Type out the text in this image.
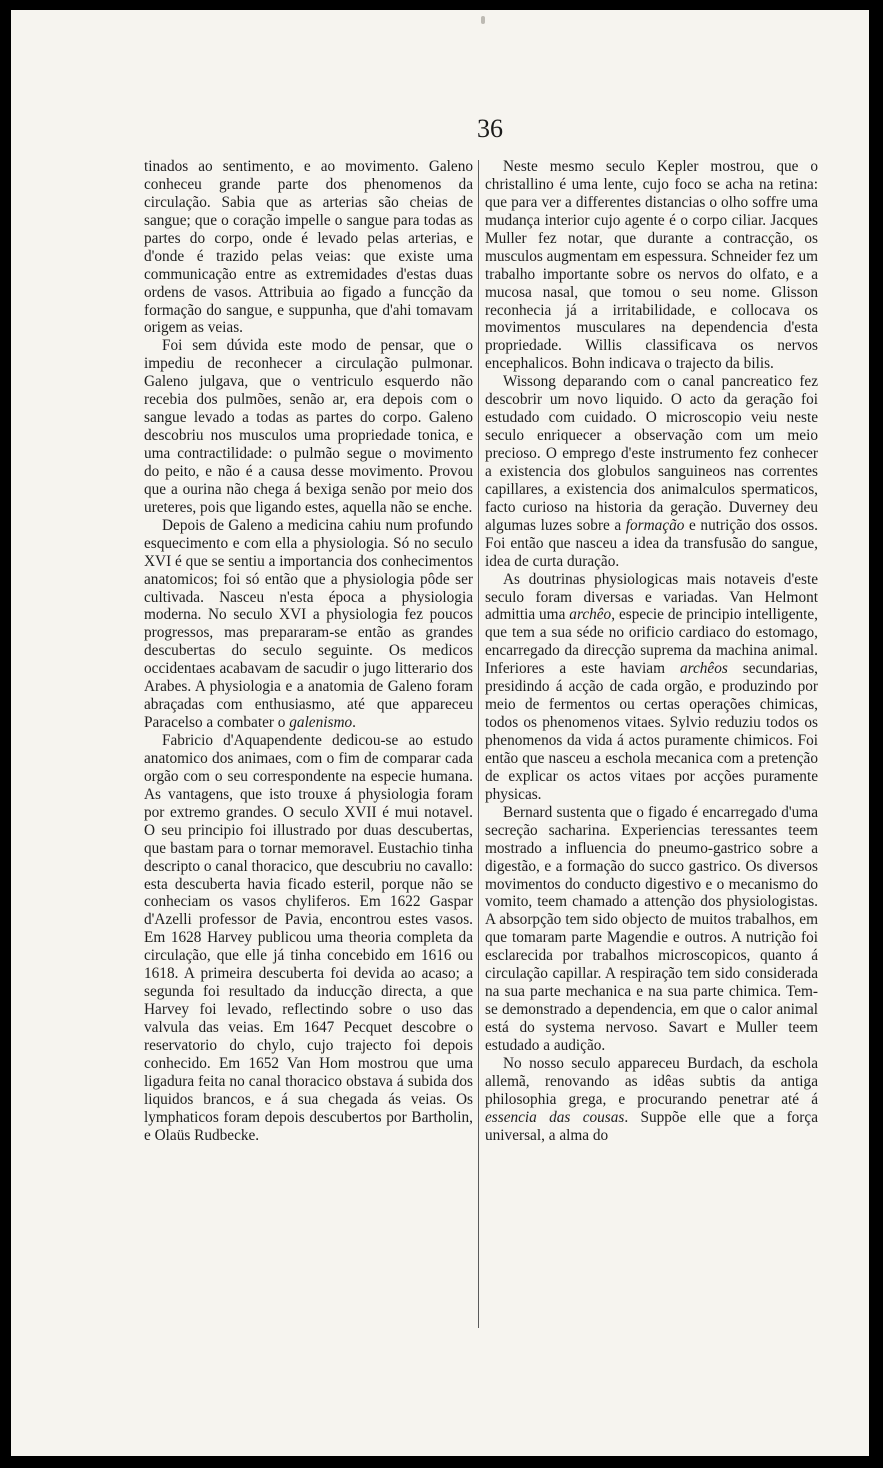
36

tinados ao sentimento, e ao movimento. Galeno conheceu grande parte dos phenomenos da circulação. Sabia que as arterias são cheias de sangue; que o coração impelle o sangue para todas as partes do corpo, onde é levado pelas arterias, e d'onde é trazido pelas veias: que existe uma communicação entre as extremidades d'estas duas ordens de vasos. Attribuia ao figado a funcção da formação do sangue, e suppunha, que d'ahi tomavam origem as veias.

Foi sem dúvida este modo de pensar, que o impediu de reconhecer a circulação pulmonar. Galeno julgava, que o ventriculo esquerdo não recebia dos pulmões, senão ar, era depois com o sangue levado a todas as partes do corpo. Galeno descobriu nos musculos uma propriedade tonica, e uma contractilidade: o pulmão segue o movimento do peito, e não é a causa desse movimento. Provou que a ourina não chega á bexiga senão por meio dos ureteres, pois que ligando estes, aquella não se enche.

Depois de Galeno a medicina cahiu num profundo esquecimento e com ella a physiologia. Só no seculo XVI é que se sentiu a importancia dos conhecimentos anatomicos; foi só então que a physiologia pôde ser cultivada. Nasceu n'esta época a physiologia moderna. No seculo XVI a physiologia fez poucos progressos, mas prepararam-se então as grandes descubertas do seculo seguinte. Os medicos occidentaes acabavam de sacudir o jugo litterario dos Arabes. A physiologia e a anatomia de Galeno foram abraçadas com enthusiasmo, até que appareceu Paracelso a combater o galenismo.

Fabricio d'Aquapendente dedicou-se ao estudo anatomico dos animaes, com o fim de comparar cada orgão com o seu correspondente na especie humana. As vantagens, que isto trouxe á physiologia foram por extremo grandes. O seculo XVII é mui notavel. O seu principio foi illustrado por duas descubertas, que bastam para o tornar memoravel. Eustachio tinha descripto o canal thoracico, que descubriu no cavallo: esta descuberta havia ficado esteril, porque não se conheciam os vasos chyliferos. Em 1622 Gaspar d'Azelli professor de Pavia, encontrou estes vasos. Em 1628 Harvey publicou uma theoria completa da circulação, que elle já tinha concebido em 1616 ou 1618. A primeira descuberta foi devida ao acaso; a segunda foi resultado da inducção directa, a que Harvey foi levado, reflectindo sobre o uso das valvula das veias. Em 1647 Pecquet descobre o reservatorio do chylo, cujo trajecto foi depois conhecido. Em 1652 Van Hom mostrou que uma ligadura feita no canal thoracico obstava á subida dos liquidos brancos, e á sua chegada ás veias. Os lymphaticos foram depois descubertos por Bartholin, e Olaüs Rudbecke.

Neste mesmo seculo Kepler mostrou, que o christallino é uma lente, cujo foco se acha na retina: que para ver a differentes distancias o olho soffre uma mudança interior cujo agente é o corpo ciliar. Jacques Muller fez notar, que durante a contracção, os musculos augmentam em espessura. Schneider fez um trabalho importante sobre os nervos do olfato, e a mucosa nasal, que tomou o seu nome. Glisson reconhecia já a irritabilidade, e collocava os movimentos musculares na dependencia d'esta propriedade. Willis classificava os nervos encephalicos. Bohn indicava o trajecto da bilis.

Wissong deparando com o canal pancreatico fez descobrir um novo liquido. O acto da geração foi estudado com cuidado. O microscopio veiu neste seculo enriquecer a observação com um meio precioso. O emprego d'este instrumento fez conhecer a existencia dos globulos sanguineos nas correntes capillares, a existencia dos animalculos spermaticos, facto curioso na historia da geração. Duverney deu algumas luzes sobre a formação e nutrição dos ossos. Foi então que nasceu a idea da transfusão do sangue, idea de curta duração.

As doutrinas physiologicas mais notaveis d'este seculo foram diversas e variadas. Van Helmont admittia uma archêo, especie de principio intelligente, que tem a sua séde no orificio cardiaco do estomago, encarregado da direcção suprema da machina animal. Inferiores a este haviam archêos secundarias, presidindo á acção de cada orgão, e produzindo por meio de fermentos ou certas operações chimicas, todos os phenomenos vitaes. Sylvio reduziu todos os phenomenos da vida á actos puramente chimicos. Foi então que nasceu a eschola mecanica com a pretenção de explicar os actos vitaes por acções puramente physicas.

Bernard sustenta que o figado é encarregado d'uma secreção sacharina. Experiencias teressantes teem mostrado a influencia do pneumo-gastrico sobre a digestão, e a formação do succo gastrico. Os diversos movimentos do conducto digestivo e o mecanismo do vomito, teem chamado a attenção dos physiologistas. A absorpção tem sido objecto de muitos trabalhos, em que tomaram parte Magendie e outros. A nutrição foi esclarecida por trabalhos microscopicos, quanto á circulação capillar. A respiração tem sido considerada na sua parte mechanica e na sua parte chimica. Tem-se demonstrado a dependencia, em que o calor animal está do systema nervoso. Savart e Muller teem estudado a audição.

No nosso seculo appareceu Burdach, da eschola allemã, renovando as idêas subtis da antiga philosophia grega, e procurando penetrar até á essencia das cousas. Suppõe elle que a força universal, a alma do
